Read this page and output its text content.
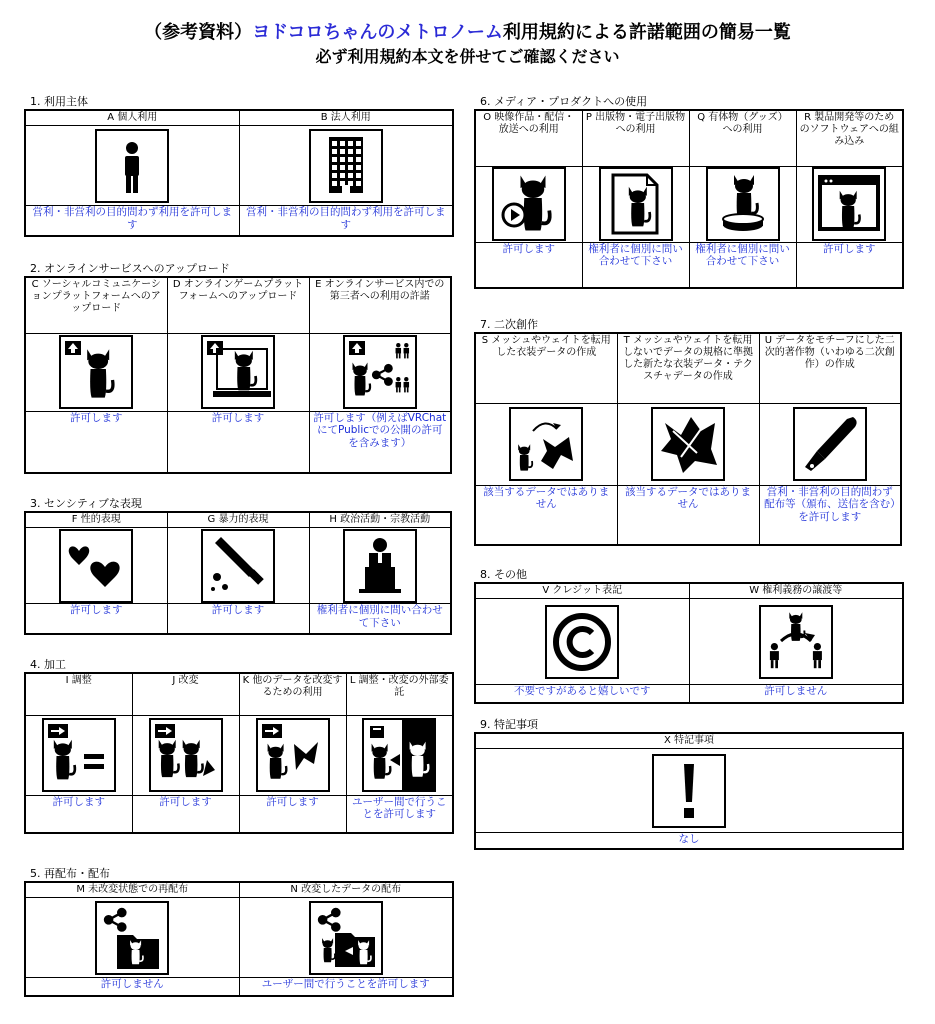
（参考資料）ヨドコロちゃんのメトロノーム利用規約による許諾範囲の簡易一覧
必ず利用規約本文を併せてご確認ください
1. 利用主体
A 個人利用	B 法人利用

営利・非営利の目的問わず利用を許可します	営利・非営利の目的問わず利用を許可します
2. オンラインサービスへのアップロード
C ソーシャルコミュニケーションプラットフォームへのアップロード	D オンラインゲームプラットフォームへのアップロード	E オンラインサービス内での第三者への利用の許諾

許可します	許可します	許可します（例えばVRChatにてPublicでの公開の許可を含みます）
3. センシティブな表現
F 性的表現	G 暴力的表現	H 政治活動・宗教活動

許可します	許可します	権利者に個別に問い合わせて下さい
4. 加工
I 調整	J 改変	K 他のデータを改変するための利用	L 調整・改変の外部委託

許可します	許可します	許可します	ユーザー間で行うことを許可します
5. 再配布・配布
M 未改変状態での再配布	N 改変したデータの配布

許可しません	ユーザー間で行うことを許可します
6. メディア・プロダクトへの使用
O 映像作品・配信・放送への利用	P 出版物・電子出版物への利用	Q 有体物（グッズ）への利用	R 製品開発等のためのソフトウェアへの組み込み

許可します	権利者に個別に問い合わせて下さい	権利者に個別に問い合わせて下さい	許可します
7. 二次創作
S メッシュやウェイトを転用した衣装データの作成	T メッシュやウェイトを転用しないでデータの規格に準拠した新たな衣装データ・テクスチャデータの作成	U データをモチーフにした二次的著作物（いわゆる二次創作）の作成

該当するデータではありません	該当するデータではありません	営利・非営利の目的問わず配布等（頒布、送信を含む）を許可します
8. その他
V クレジット表記	W 権利義務の譲渡等

不要ですがあると嬉しいです	許可しません
9. 特記事項
X 特記事項

なし
